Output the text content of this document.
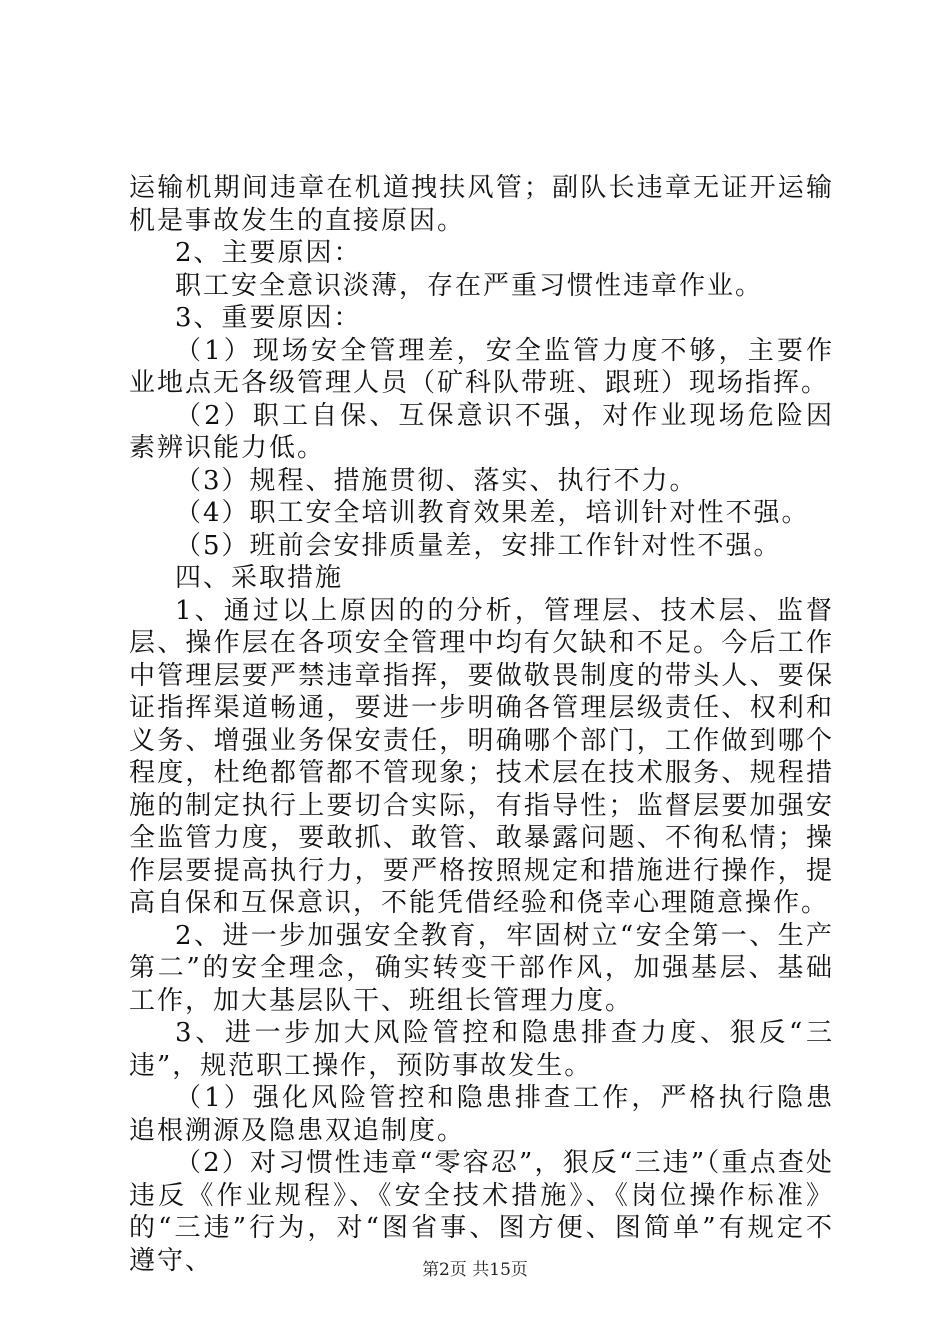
运输机期间违章在机道拽扶风管；副队长违章无证开运输机是事故发生的直接原因。

2、主要原因：

职工安全意识淡薄，存在严重习惯性违章作业。

3、重要原因：

（1）现场安全管理差，安全监管力度不够，主要作业地点无各级管理人员（矿科队带班、跟班）现场指挥。

（2）职工自保、互保意识不强，对作业现场危险因素辨识能力低。

（3）规程、措施贯彻、落实、执行不力。

（4）职工安全培训教育效果差，培训针对性不强。

（5）班前会安排质量差，安排工作针对性不强。

四、采取措施

1、通过以上原因的的分析，管理层、技术层、监督层、操作层在各项安全管理中均有欠缺和不足。今后工作中管理层要严禁违章指挥，要做敬畏制度的带头人、要保证指挥渠道畅通，要进一步明确各管理层级责任、权利和义务、增强业务保安责任，明确哪个部门，工作做到哪个程度，杜绝都管都不管现象；技术层在技术服务、规程措施的制定执行上要切合实际，有指导性；监督层要加强安全监管力度，要敢抓、敢管、敢暴露问题、不徇私情；操作层要提高执行力，要严格按照规定和措施进行操作，提高自保和互保意识，不能凭借经验和侥幸心理随意操作。

2、进一步加强安全教育，牢固树立“安全第一、生产第二”的安全理念，确实转变干部作风，加强基层、基础工作，加大基层队干、班组长管理力度。

3、进一步加大风险管控和隐患排查力度、狠反“三违”，规范职工操作，预防事故发生。

（1）强化风险管控和隐患排查工作，严格执行隐患追根溯源及隐患双追制度。

（2）对习惯性违章“零容忍”，狠反“三违”（重点查处违反《作业规程》、《安全技术措施》、《岗位操作标准》的“三违”行为，对“图省事、图方便、图简单”有规定不遵守、	第2页 共15页
